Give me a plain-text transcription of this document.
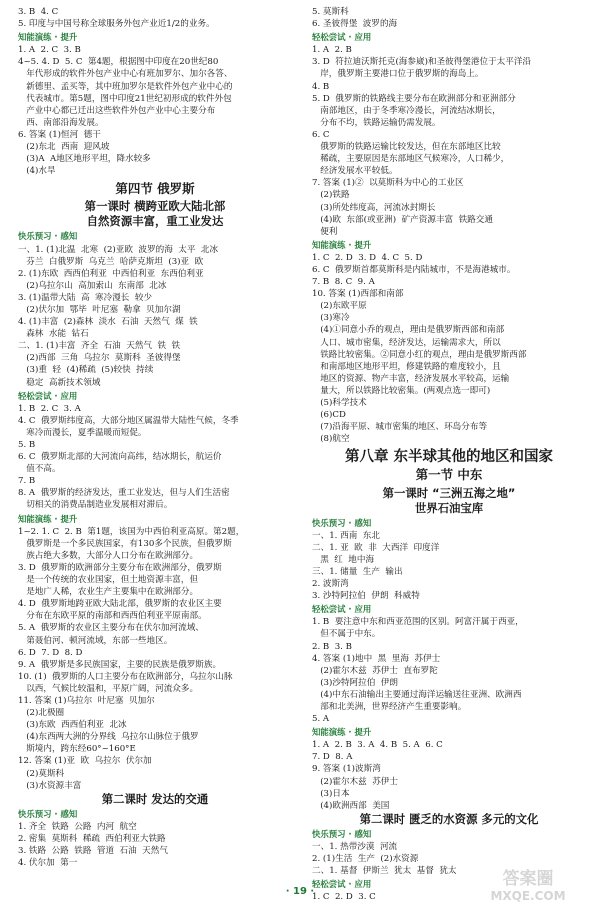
3. B  4. C
5. 印度与中国号称全球服务外包产业近1/2的业务。
知能演练 · 提升
1. A  2. C  3. B
4~5. 4. D  5. C  第4题，根据图中印度在20世纪80
年代形成的软件外包产业中心有班加罗尔、加尔各答、
新德里、孟买等，其中班加罗尔是软件外包产业中心的
代表城市。第5题，图中印度21世纪初形成的软件外包
产业中心都已迁出这些软件外包产业中心主要分布
西、南部沿海发展。
6. 答案 (1)恒河  德干
(2)东北  西南  迎风坡
(3)A  A地区地形平坦，降水较多
(4)水旱
第四节 俄罗斯
第一课时 横跨亚欧大陆北部
自然资源丰富，重工业发达
快乐预习 · 感知
一、1. (1)北温  北寒  (2)亚欧  波罗的海  太平  北冰
芬兰  白俄罗斯  乌克兰  哈萨克斯坦  (3)亚  欧
2. (1)东欧  西西伯利亚  中西伯利亚  东西伯利亚
(2)乌拉尔山  高加索山  东南部  北冰
3. (1)温带大陆  高  寒冷漫长  较少
(2)伏尔加  鄂毕  叶尼塞  勒拿  贝加尔湖
4. (1)丰富  (2)森林  淡水  石油  天然气  煤  铁
森林  水能  钻石
二、1. (1)丰富  齐全  石油  天然气  铁  铁
(2)西部  三角  乌拉尔  莫斯科  圣彼得堡
(3)重  轻  (4)稀疏  (5)较快  持续
稳定  高新技术领域
轻松尝试 · 应用
1. B  2. C  3. A
4. C  俄罗斯纬度高，大部分地区属温带大陆性气候，冬季
寒冷而漫长，夏季温暖而短促。
5. B
6. C  俄罗斯北部的大河流向高纬，结冰期长，航运价
值不高。
7. B
8. A  俄罗斯的经济发达，重工业发达，但与人们生活密
切相关的消费品制造业发展相对滞后。
知能演练 · 提升
1~2. 1. C  2. B  第1题，该国为中西伯利亚高原。第2题，
俄罗斯是一个多民族国家，有130多个民族，但俄罗斯
族占绝大多数，大部分人口分布在欧洲部分。
3. D  俄罗斯的欧洲部分主要分布在欧洲部分，俄罗斯
是一个传统的农业国家，但土地资源丰富，但
是地广人稀，农业生产主要集中在欧洲部分。
4. D  俄罗斯地跨亚欧大陆北部，俄罗斯的农业区主要
分布在东欧平原的南部和西西伯利亚平原南部。
5. A  俄罗斯的农业区主要分布在伏尔加河流域、
第聂伯河、顿河流域，东部一些地区。
6. D  7. D  8. D
9. A  俄罗斯是多民族国家，主要的民族是俄罗斯族。
10. (1)  俄罗斯的人口主要分布在欧洲部分，乌拉尔山脉
以西，气候比较温和，平原广阔，河流众多。
11. 答案 (1)乌拉尔  叶尼塞  贝加尔
(2)北极圈
(3)东欧  西西伯利亚  北冰
(4)东西两大洲的分界线  乌拉尔山脉位于俄罗
斯境内，跨东经60°~160°E
12. 答案 (1)亚  欧  乌拉尔  伏尔加
(2)莫斯科
(3)水资源丰富
第二课时 发达的交通
快乐预习 · 感知
1. 齐全  铁路  公路  内河  航空
2. 密集  莫斯科  稀疏  西伯利亚大铁路
3. 铁路  公路  铁路  管道  石油  天然气
4. 伏尔加  第一
5. 莫斯科
6. 圣彼得堡  波罗的海
轻松尝试 · 应用
1. A  2. B
3. D  符拉迪沃斯托克(海参崴)和圣彼得堡港位于太平洋沿
岸，俄罗斯主要港口位于俄罗斯的海岛上。
4. B
5. D  俄罗斯的铁路线主要分布在欧洲部分和亚洲部分
南部地区，由于冬季寒冷漫长，河流结冰期长，
分布不均，铁路运输仍需发展。
6. C
俄罗斯的铁路运输比较发达，但在东部地区比较
稀疏，主要原因是东部地区气候寒冷，人口稀少，
经济发展水平较低。
7. 答案 (1)②  以莫斯科为中心的工业区
(2)铁路
(3)所处纬度高，河流冰封期长
(4)欧  东部(或亚洲)  矿产资源丰富  铁路交通
便利
知能演练 · 提升
1. C  2. D  3. D  4. C  5. D
6. C  俄罗斯首都莫斯科是内陆城市，不是海港城市。
7. B  8. C  9. A
10. 答案 (1)西部和南部
(2)东欧平原
(3)寒冷
(4)①同意小乔的观点，理由是俄罗斯西部和南部
人口、城市密集，经济发达，运输需求大，所以
铁路比较密集。②同意小红的观点，理由是俄罗斯西部
和南部地区地形平坦，修建铁路的难度较小，且
地区的资源、物产丰富，经济发展水平较高，运输
量大，所以铁路比较密集。(两观点选一即可)
(5)科学技术
(6)CD
(7)沿海平原、城市密集的地区、环岛分布等
(8)航空
第八章 东半球其他的地区和国家
第一节 中东
第一课时 “三洲五海之地”
世界石油宝库
快乐预习 · 感知
一、1. 西南  东北
二、1. 亚  欧  非  大西洋  印度洋
黑  红  地中海
三、1. 储量  生产  输出
2. 波斯湾
3. 沙特阿拉伯  伊朗  科威特
轻松尝试 · 应用
1. B  要注意中东和西亚范围的区别。阿富汗属于西亚，
但不属于中东。
2. B  3. B
4. 答案 (1)地中  黑  里海  苏伊士
(2)霍尔木兹  苏伊士  直布罗陀
(3)沙特阿拉伯  伊朗
(4)中东石油输出主要通过海洋运输送往亚洲、欧洲西
部和北美洲，世界经济产生重要影响。
5. A
知能演练 · 提升
1. A  2. B  3. A  4. B  5. A  6. C
7. D  8. A
9. 答案 (1)波斯湾
(2)霍尔木兹  苏伊士
(3)日本
(4)欧洲西部  美国
第二课时 匮乏的水资源 多元的文化
快乐预习 · 感知
一、1. 热带沙漠  河流
2. (1)生活  生产  (2)水资源
二、1. 基督  伊斯兰  犹太  基督  犹太
轻松尝试 · 应用
1. C  2. D  3. C
· 19 ·
答案圈
MXQE.COM
